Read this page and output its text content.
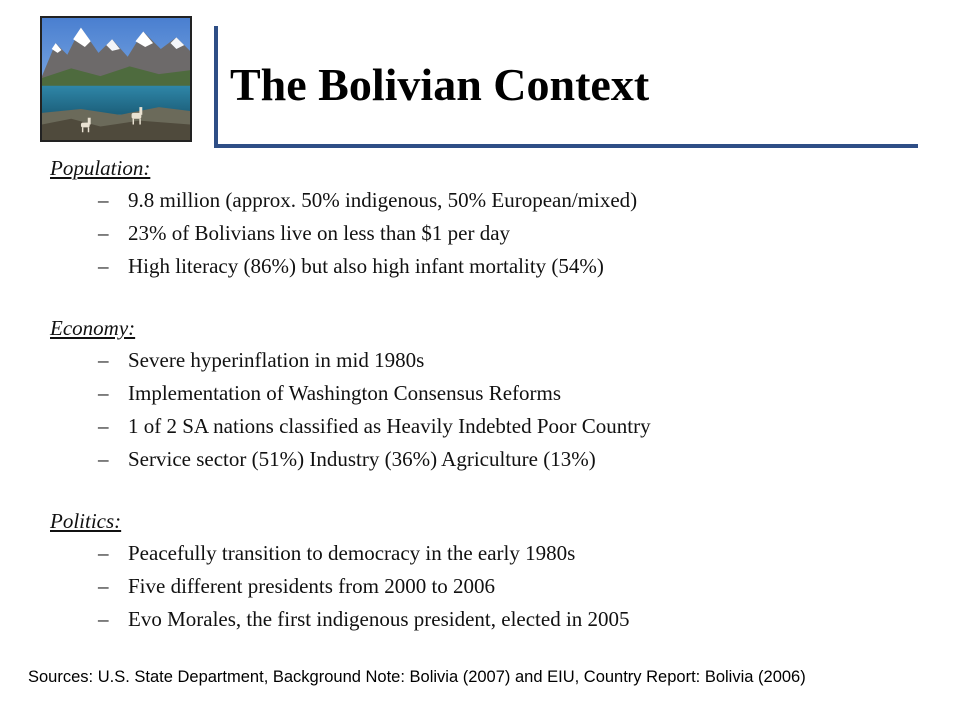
The Bolivian Context
Population:
– 9.8 million (approx. 50% indigenous, 50% European/mixed)
– 23% of Bolivians live on less than $1 per day
– High literacy (86%) but also high infant mortality (54%)
Economy:
– Severe hyperinflation in mid 1980s
– Implementation of Washington Consensus Reforms
– 1 of 2 SA nations classified as Heavily Indebted Poor Country
– Service sector (51%) Industry (36%) Agriculture (13%)
Politics:
– Peacefully transition to democracy in the early 1980s
– Five different presidents from 2000 to 2006
– Evo Morales, the first indigenous president, elected in 2005
Sources: U.S. State Department, Background Note: Bolivia (2007) and EIU, Country Report: Bolivia (2006)
